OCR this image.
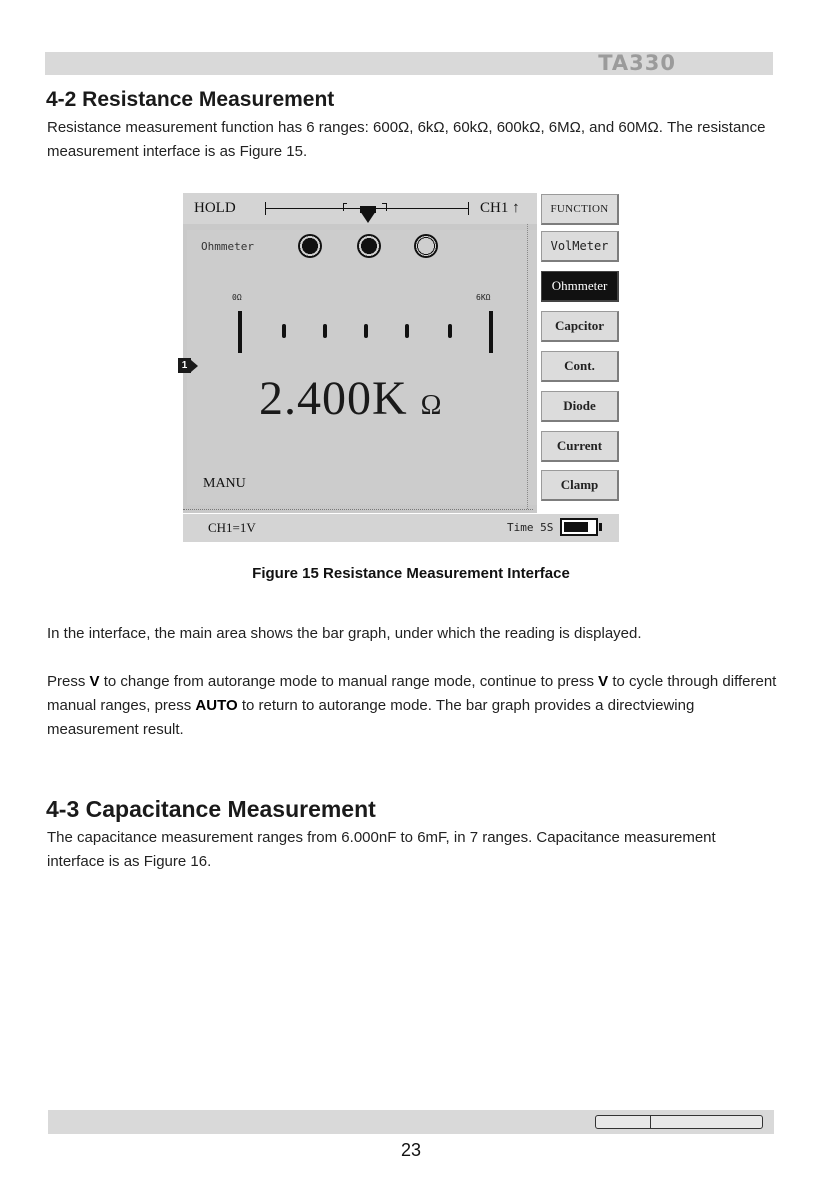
TA330
4-2 Resistance Measurement

Resistance measurement function has 6 ranges: 600Ω, 6kΩ, 60kΩ, 600kΩ, 6MΩ, and 60MΩ. The resistance measurement interface is as Figure 15.

HOLD	CH1 ↑
Ohmmeter
0Ω	6KΩ
2.400K Ω
MANU
1
FUNCTION
VolMeter
Ohmmeter
Capcitor
Cont.
Diode
Current
Clamp
CH1=1V	Time 5S
Figure 15 Resistance Measurement Interface

In the interface, the main area shows the bar graph, under which the reading is displayed.

Press V to change from autorange mode to manual range mode, continue to press V to cycle through different manual ranges, press AUTO to return to autorange mode. The bar graph provides a directviewing measurement result.

4-3 Capacitance Measurement

The capacitance measurement ranges from 6.000nF to 6mF, in 7 ranges. Capacitance measurement interface is as Figure 16.

23
